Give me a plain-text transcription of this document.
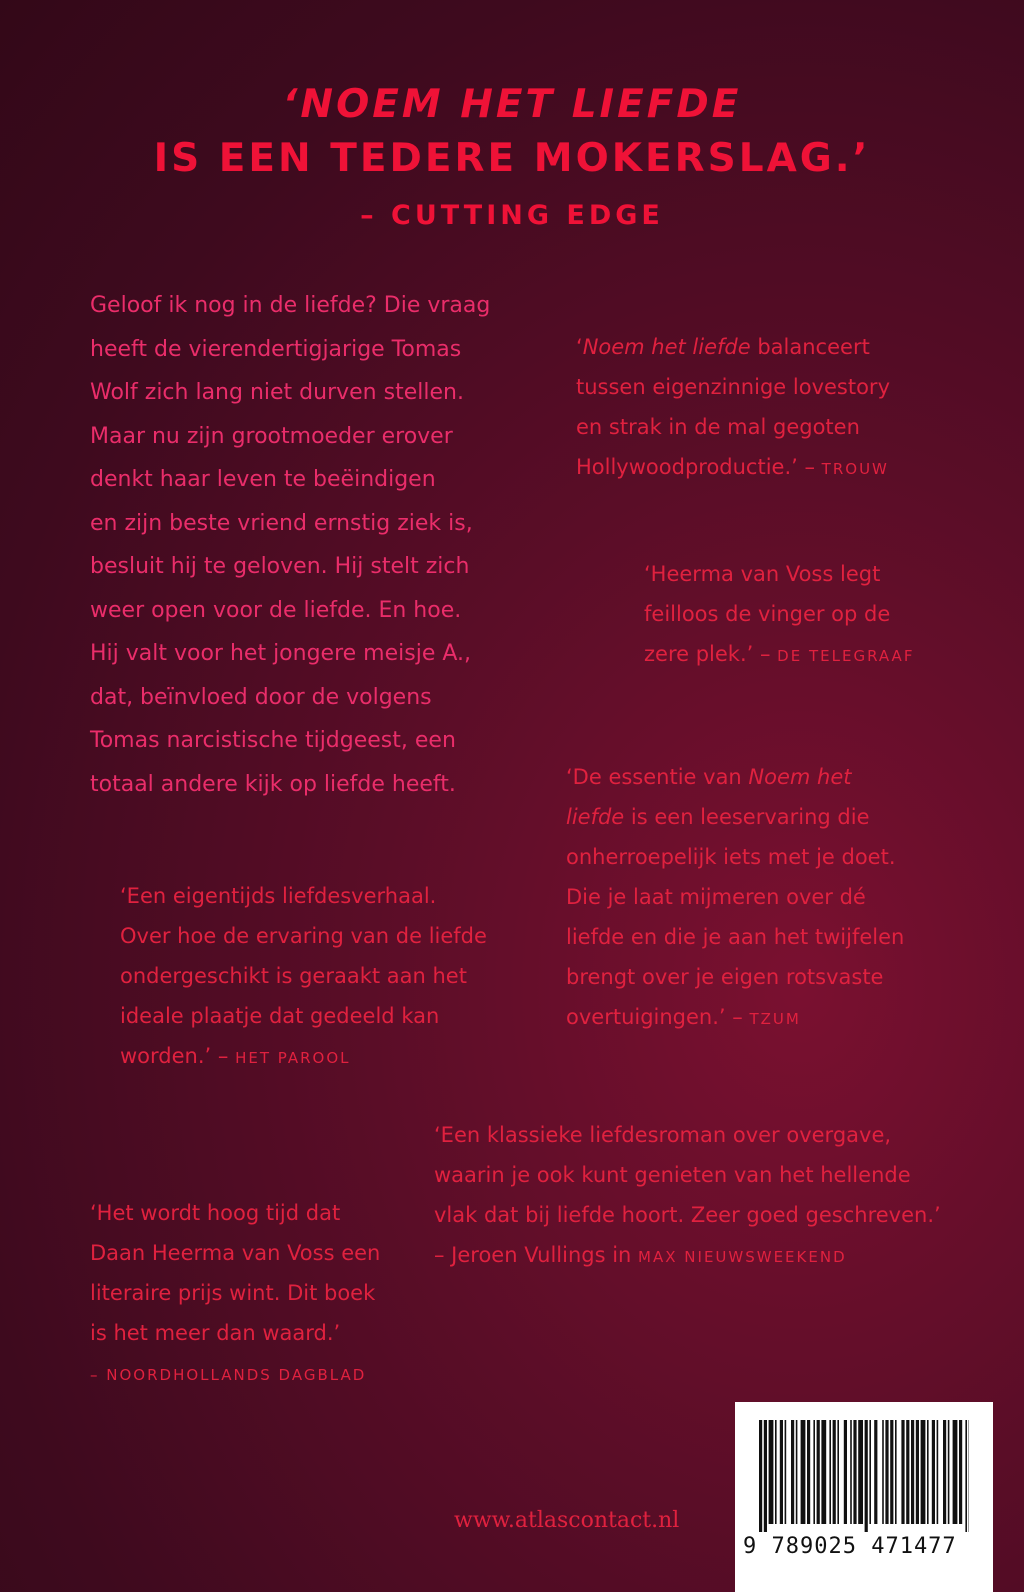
‘NOEM HET LIEFDE
IS EEN TEDERE MOKERSLAG.’
– CUTTING EDGE
Geloof ik nog in de liefde? Die vraag
heeft de vierendertigjarige Tomas
Wolf zich lang niet durven stellen.
Maar nu zijn grootmoeder erover
denkt haar leven te beëindigen
en zijn beste vriend ernstig ziek is,
besluit hij te geloven. Hij stelt zich
weer open voor de liefde. En hoe.
Hij valt voor het jongere meisje A.,
dat, beïnvloed door de volgens
Tomas narcistische tijdgeest, een
totaal andere kijk op liefde heeft.
‘Noem het liefde balanceert
tussen eigenzinnige lovestory
en strak in de mal gegoten
Hollywoodproductie.’ – TROUW
‘Heerma van Voss legt
feilloos de vinger op de
zere plek.’ – DE TELEGRAAF
‘De essentie van Noem het
liefde is een leeservaring die
onherroepelijk iets met je doet.
Die je laat mijmeren over dé
liefde en die je aan het twijfelen
brengt over je eigen rotsvaste
overtuigingen.’ – TZUM
‘Een eigentijds liefdesverhaal.
Over hoe de ervaring van de liefde
ondergeschikt is geraakt aan het
ideale plaatje dat gedeeld kan
worden.’ – HET PAROOL
‘Een klassieke liefdesroman over overgave,
waarin je ook kunt genieten van het hellende
vlak dat bij liefde hoort. Zeer goed geschreven.’
– Jeroen Vullings in MAX NIEUWSWEEKEND
‘Het wordt hoog tijd dat
Daan Heerma van Voss een
literaire prijs wint. Dit boek
is het meer dan waard.’
– NOORDHOLLANDS DAGBLAD
www.atlascontact.nl
9 789025 471477
